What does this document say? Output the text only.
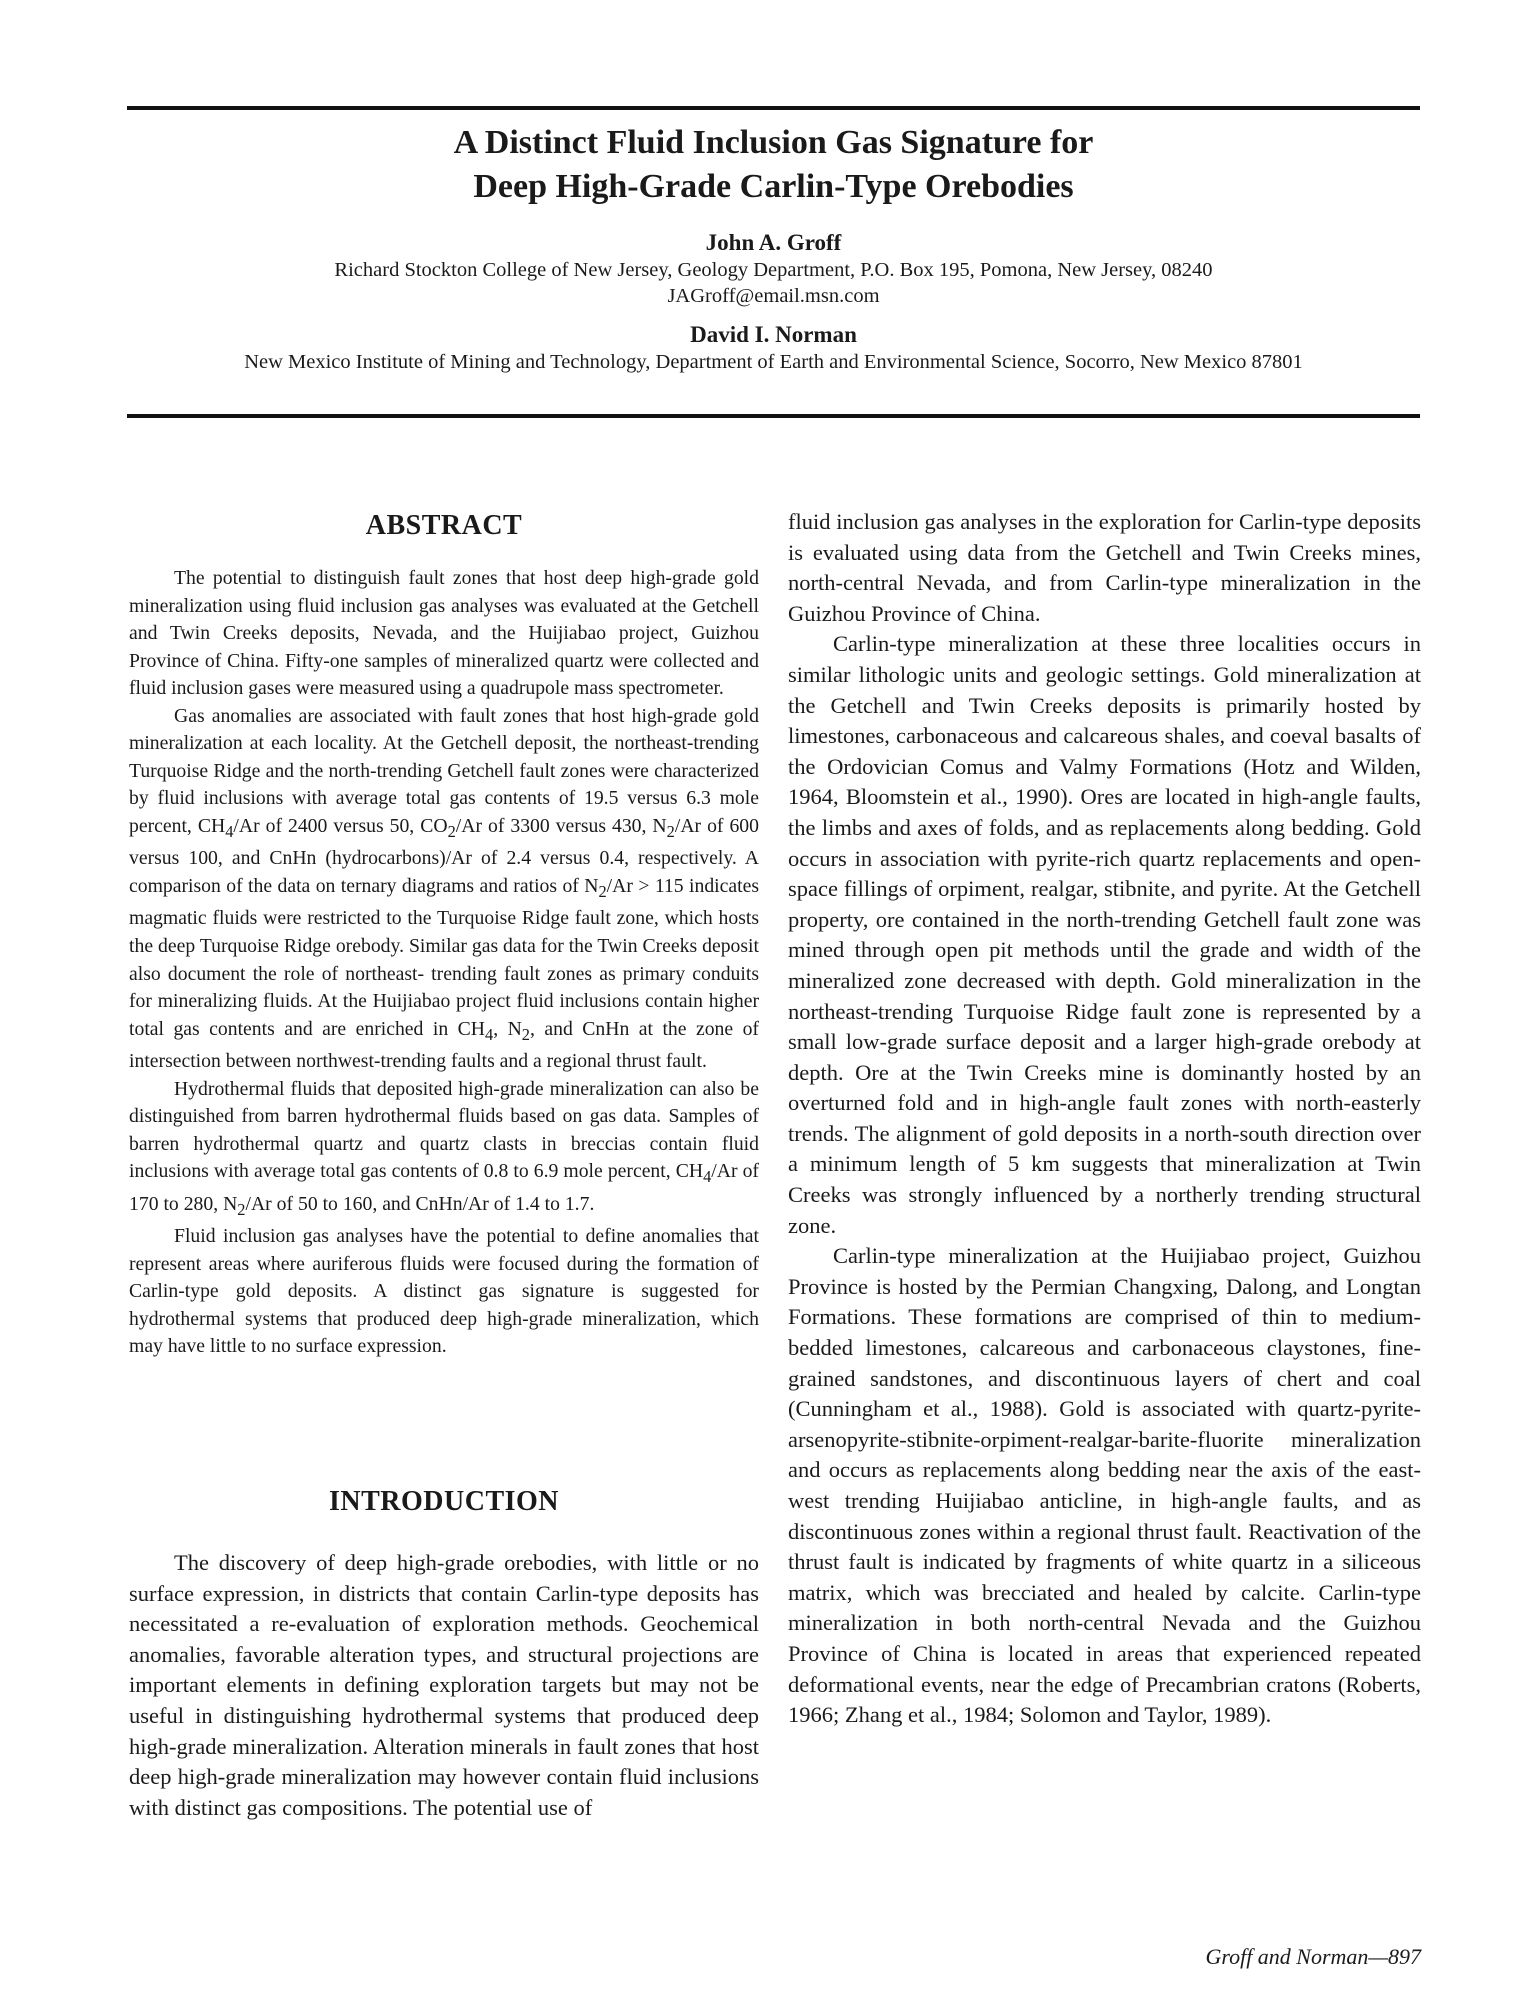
A Distinct Fluid Inclusion Gas Signature for
Deep High-Grade Carlin-Type Orebodies
John A. Groff
Richard Stockton College of New Jersey, Geology Department, P.O. Box 195, Pomona, New Jersey, 08240
JAGroff@email.msn.com
David I. Norman
New Mexico Institute of Mining and Technology, Department of Earth and Environmental Science, Socorro, New Mexico 87801
ABSTRACT

The potential to distinguish fault zones that host deep high-grade gold mineralization using fluid inclusion gas analyses was evaluated at the Getchell and Twin Creeks deposits, Nevada, and the Huijiabao project, Guizhou Province of China. Fifty-one samples of mineralized quartz were collected and fluid inclusion gases were measured using a quadrupole mass spectrometer.

Gas anomalies are associated with fault zones that host high-grade gold mineralization at each locality. At the Getchell deposit, the northeast-trending Turquoise Ridge and the north-trending Getchell fault zones were characterized by fluid inclusions with average total gas contents of 19.5 versus 6.3 mole percent, $CH_4/Ar$ of 2400 versus 50, $CO_2/Ar$ of 3300 versus 430, $N_2/Ar$ of 600 versus 100, and CnHn (hydrocarbons)/Ar of 2.4 versus 0.4, respectively. A comparison of the data on ternary diagrams and ratios of $N_2/Ar > 115$ indicates magmatic fluids were restricted to the Turquoise Ridge fault zone, which hosts the deep Turquoise Ridge orebody. Similar gas data for the Twin Creeks deposit also document the role of northeast- trending fault zones as primary conduits for mineralizing fluids. At the Huijiabao project fluid inclusions contain higher total gas contents and are enriched in $CH_4$, $N_2$, and CnHn at the zone of intersection between northwest-trending faults and a regional thrust fault.

Hydrothermal fluids that deposited high-grade mineralization can also be distinguished from barren hydrothermal fluids based on gas data. Samples of barren hydrothermal quartz and quartz clasts in breccias contain fluid inclusions with average total gas contents of 0.8 to 6.9 mole percent, $CH_4/Ar$ of 170 to 280, $N_2/Ar$ of 50 to 160, and CnHn/Ar of 1.4 to 1.7.

Fluid inclusion gas analyses have the potential to define anomalies that represent areas where auriferous fluids were focused during the formation of Carlin-type gold deposits. A distinct gas signature is suggested for hydrothermal systems that produced deep high-grade mineralization, which may have little to no surface expression.

INTRODUCTION

The discovery of deep high-grade orebodies, with little or no surface expression, in districts that contain Carlin-type deposits has necessitated a re-evaluation of exploration methods. Geochemical anomalies, favorable alteration types, and structural projections are important elements in defining exploration targets but may not be useful in distinguishing hydrothermal systems that produced deep high-grade mineralization. Alteration minerals in fault zones that host deep high-grade mineralization may however contain fluid inclusions with distinct gas compositions. The potential use of

fluid inclusion gas analyses in the exploration for Carlin-type deposits is evaluated using data from the Getchell and Twin Creeks mines, north-central Nevada, and from Carlin-type mineralization in the Guizhou Province of China.

Carlin-type mineralization at these three localities occurs in similar lithologic units and geologic settings. Gold mineralization at the Getchell and Twin Creeks deposits is primarily hosted by limestones, carbonaceous and calcareous shales, and coeval basalts of the Ordovician Comus and Valmy Formations (Hotz and Wilden, 1964, Bloomstein et al., 1990). Ores are located in high-angle faults, the limbs and axes of folds, and as replacements along bedding. Gold occurs in association with pyrite-rich quartz replacements and open-space fillings of orpiment, realgar, stibnite, and pyrite. At the Getchell property, ore contained in the north-trending Getchell fault zone was mined through open pit methods until the grade and width of the mineralized zone decreased with depth. Gold mineralization in the northeast-trending Turquoise Ridge fault zone is represented by a small low-grade surface deposit and a larger high-grade orebody at depth. Ore at the Twin Creeks mine is dominantly hosted by an overturned fold and in high-angle fault zones with north-easterly trends. The alignment of gold deposits in a north-south direction over a minimum length of 5 km suggests that mineralization at Twin Creeks was strongly influenced by a northerly trending structural zone.

Carlin-type mineralization at the Huijiabao project, Guizhou Province is hosted by the Permian Changxing, Dalong, and Longtan Formations. These formations are comprised of thin to medium-bedded limestones, calcareous and carbonaceous claystones, fine-grained sandstones, and discontinuous layers of chert and coal (Cunningham et al., 1988). Gold is associated with quartz-pyrite-arsenopyrite-stibnite-orpiment-realgar-barite-fluorite mineralization and occurs as replacements along bedding near the axis of the east-west trending Huijiabao anticline, in high-angle faults, and as discontinuous zones within a regional thrust fault. Reactivation of the thrust fault is indicated by fragments of white quartz in a siliceous matrix, which was brecciated and healed by calcite. Carlin-type mineralization in both north-central Nevada and the Guizhou Province of China is located in areas that experienced repeated deformational events, near the edge of Precambrian cratons (Roberts, 1966; Zhang et al., 1984; Solomon and Taylor, 1989).

Groff and Norman—897
